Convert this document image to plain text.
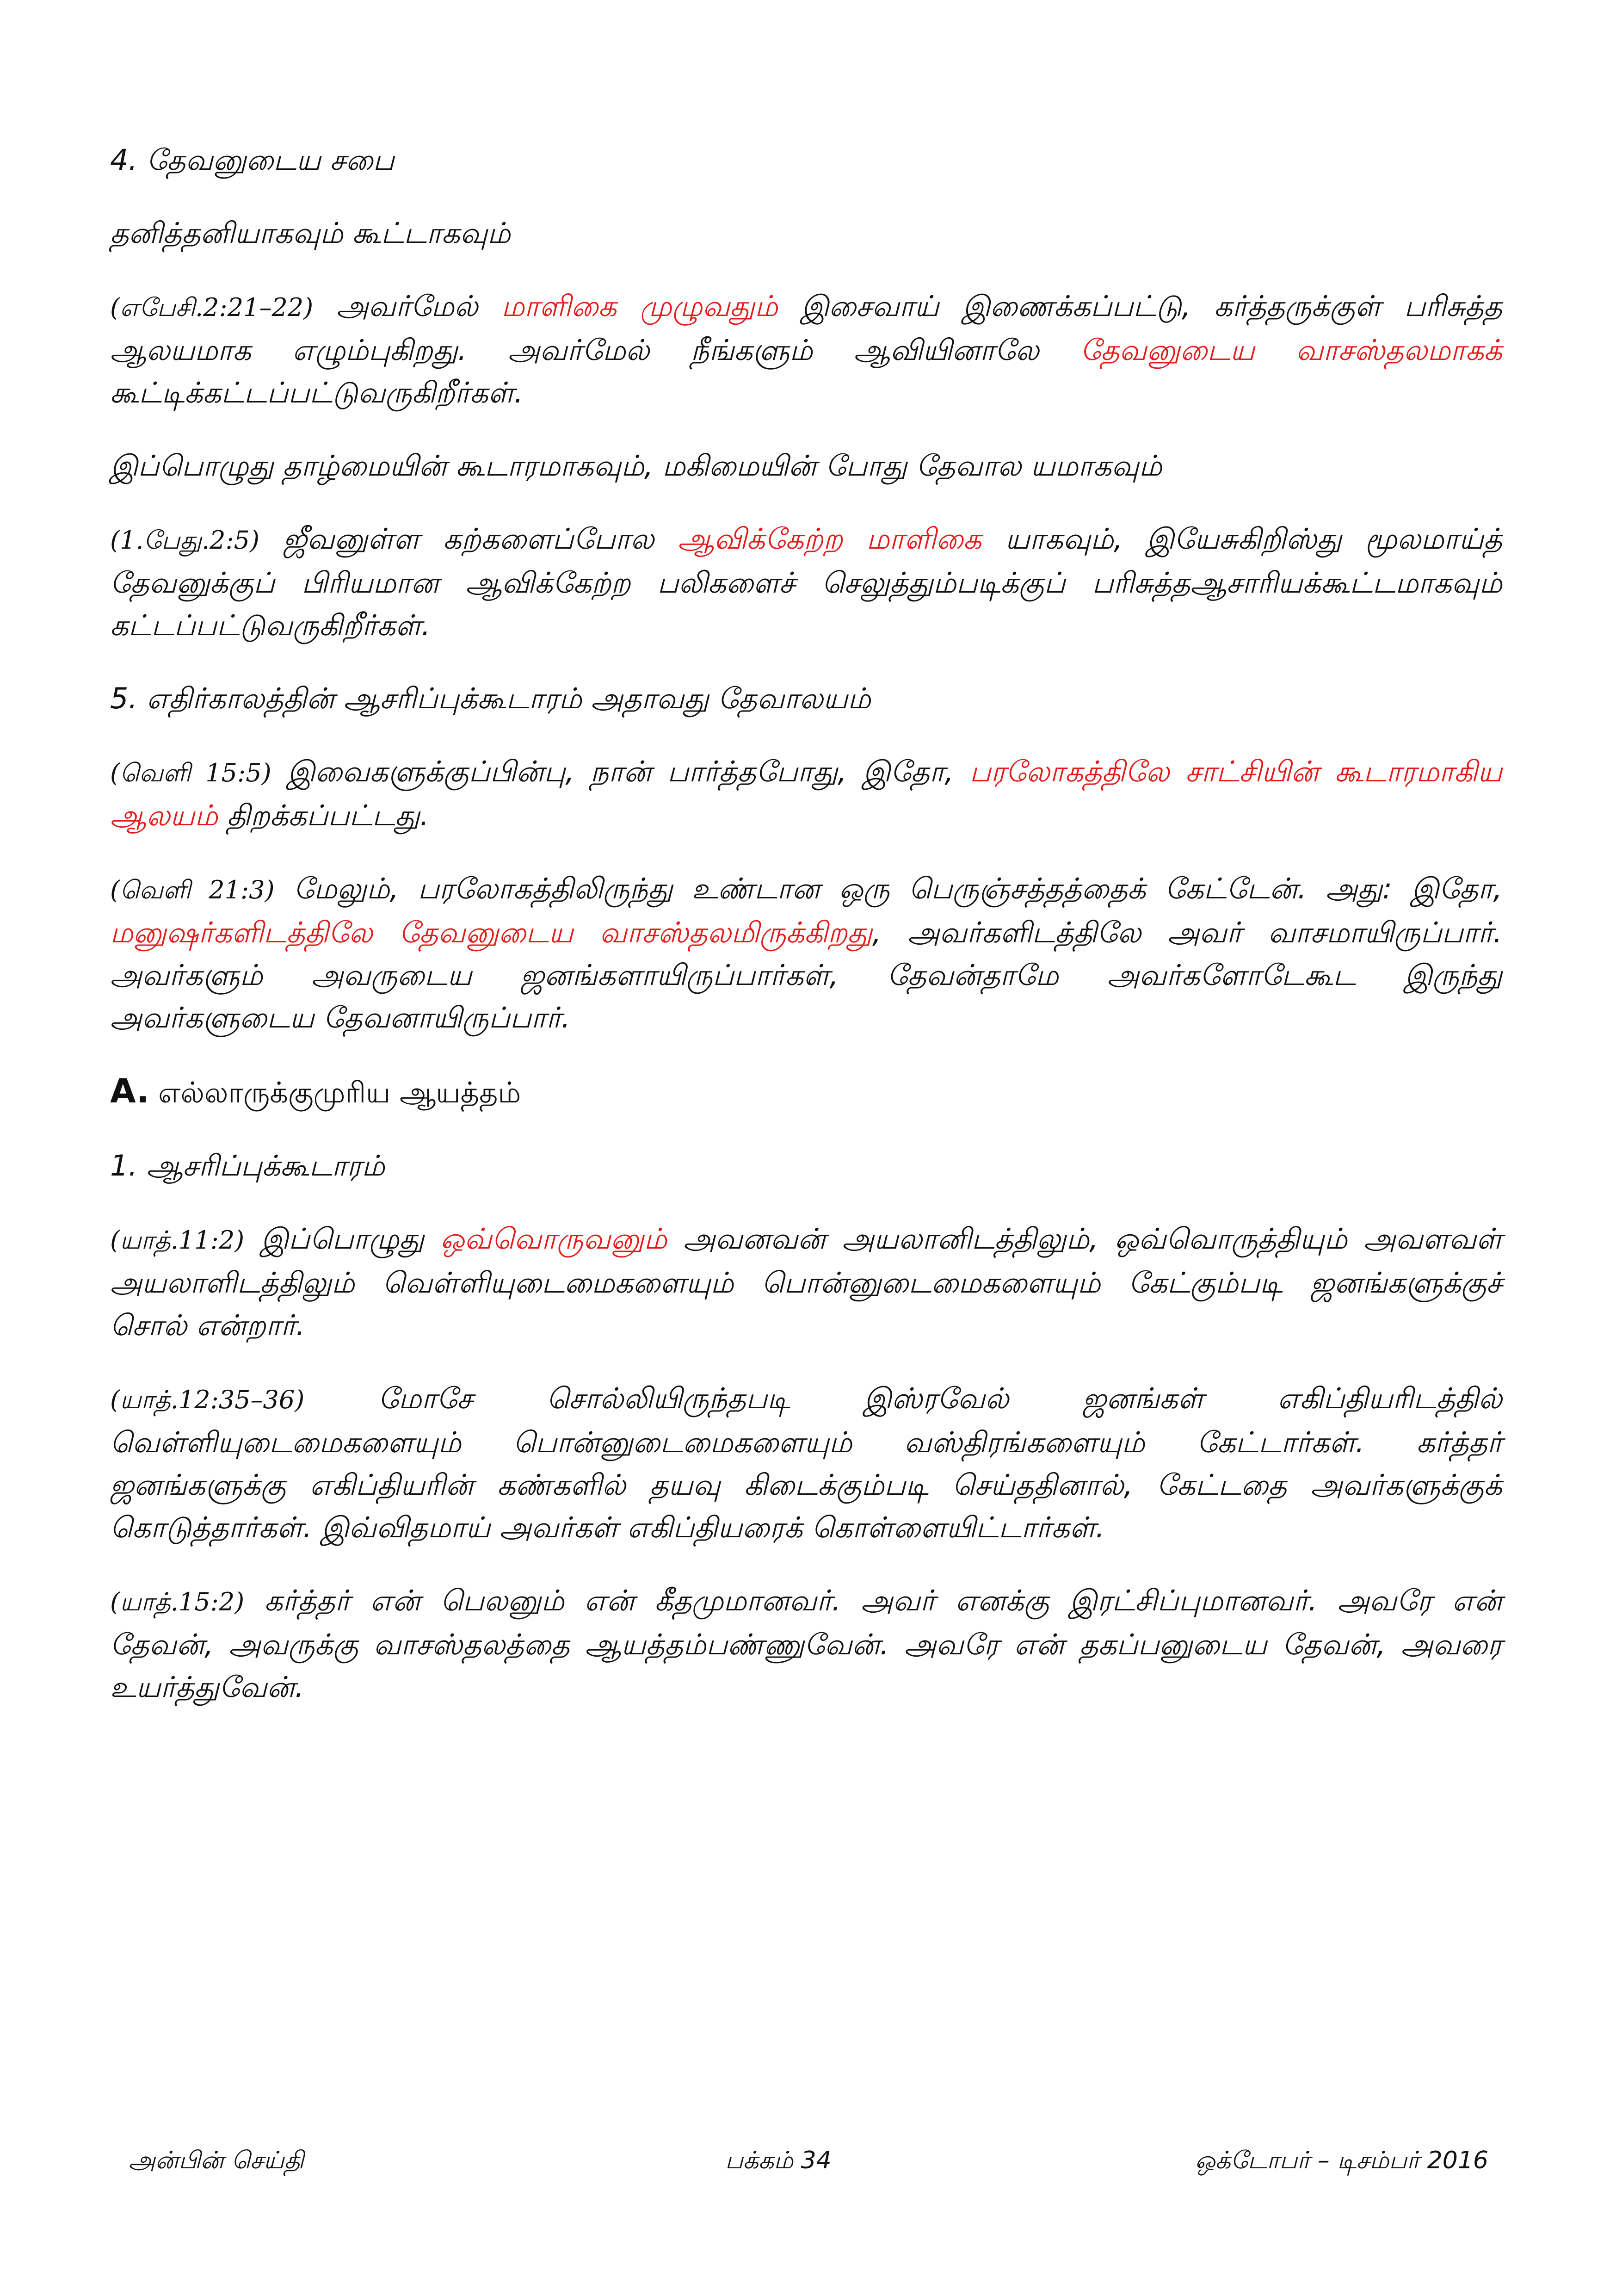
4. தேவனுடைய சபை
தனித்தனியாகவும் கூட்டாகவும்

(எபேசி.2:21–22) அவர்மேல் மாளிகை முழுவதும் இசைவாய் இணைக்கப்பட்டு, கர்த்தருக்குள் பரிசுத்த ஆலயமாக எழும்புகிறது. அவர்மேல் நீங்களும் ஆவியினாலே தேவனுடைய வாசஸ்தலமாகக் கூட்டிக்கட்டப்பட்டுவருகிறீர்கள்.

இப்பொழுது தாழ்மையின் கூடாரமாகவும், மகிமையின் போது தேவால யமாகவும்

(1.பேது.2:5) ஜீவனுள்ள கற்களைப்போல ஆவிக்கேற்ற மாளிகை யாகவும், இயேசுகிறிஸ்து மூலமாய்த் தேவனுக்குப் பிரியமான ஆவிக்கேற்ற பலிகளைச் செலுத்தும்படிக்குப் பரிசுத்தஆசாரியக்கூட்டமாகவும் கட்டப்பட்டுவருகிறீர்கள்.

5. எதிர்காலத்தின் ஆசரிப்புக்கூடாரம் அதாவது தேவாலயம்

(வெளி 15:5) இவைகளுக்குப்பின்பு, நான் பார்த்தபோது, இதோ, பரலோகத்திலே சாட்சியின் கூடாரமாகிய ஆலயம் திறக்கப்பட்டது.

(வெளி 21:3) மேலும், பரலோகத்திலிருந்து உண்டான ஒரு பெருஞ்சத்தத்தைக் கேட்டேன். அது: இதோ, மனுஷர்களிடத்திலே தேவனுடைய வாசஸ்தலமிருக்கிறது, அவர்களிடத்திலே அவர் வாசமாயிருப்பார். அவர்களும் அவருடைய ஜனங்களாயிருப்பார்கள், தேவன்தாமே அவர்களோடேகூட இருந்து அவர்களுடைய தேவனாயிருப்பார்.

A. எல்லாருக்குமுரிய ஆயத்தம்
1. ஆசரிப்புக்கூடாரம்

(யாத்.11:2) இப்பொழுது ஒவ்வொருவனும் அவனவன் அயலானிடத்திலும், ஒவ்வொருத்தியும் அவளவள் அயலாளிடத்திலும் வெள்ளியுடைமைகளையும் பொன்னுடைமைகளையும் கேட்கும்படி ஜனங்களுக்குச் சொல் என்றார்.

(யாத்.12:35–36) மோசே சொல்லியிருந்தபடி இஸ்ரவேல் ஜனங்கள் எகிப்தியரிடத்தில் வெள்ளியுடைமைகளையும் பொன்னுடைமைகளையும் வஸ்திரங்களையும் கேட்டார்கள். கர்த்தர் ஜனங்களுக்கு எகிப்தியரின் கண்களில் தயவு கிடைக்கும்படி செய்ததினால், கேட்டதை அவர்களுக்குக் கொடுத்தார்கள். இவ்விதமாய் அவர்கள் எகிப்தியரைக் கொள்ளையிட்டார்கள்.

(யாத்.15:2) கர்த்தர் என் பெலனும் என் கீதமுமானவர். அவர் எனக்கு இரட்சிப்புமானவர். அவரே என் தேவன், அவருக்கு வாசஸ்தலத்தை ஆயத்தம்பண்ணுவேன். அவரே என் தகப்பனுடைய தேவன், அவரை உயர்த்துவேன்.

அன்பின் செய்தி	பக்கம் 34	ஒக்டோபர் – டிசம்பர் 2016
